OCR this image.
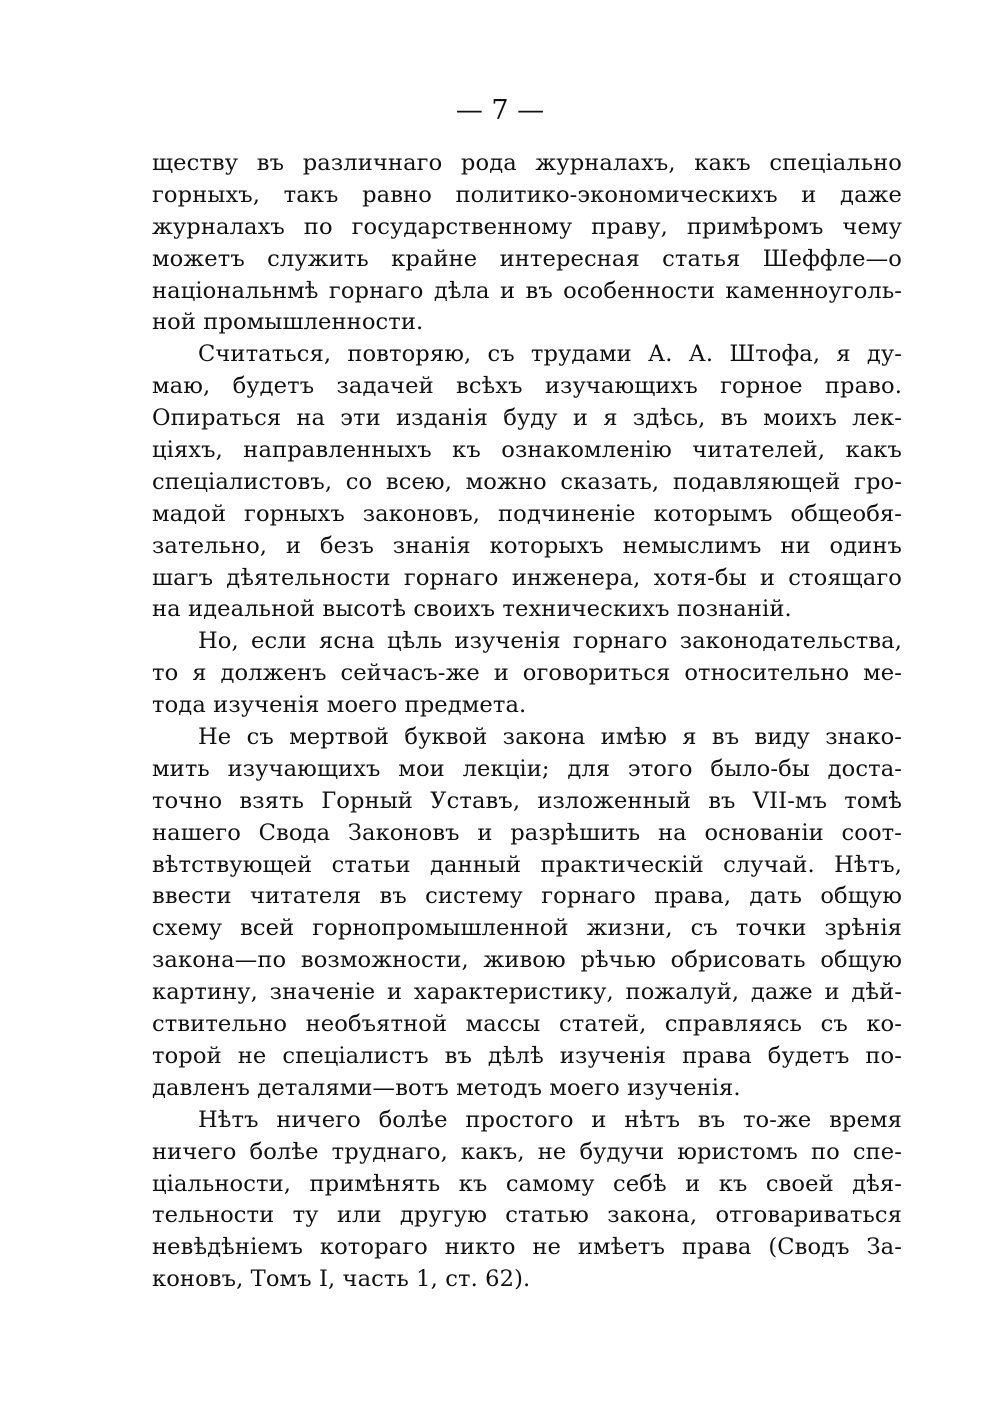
— 7 —
ществу въ различнаго рода журналахъ, какъ спеціально
горныхъ, такъ равно политико-экономическихъ и даже
журналахъ по государственному праву, примѣромъ чему
можетъ служить крайне интересная статья Шеффле—о
національнмѣ горнаго дѣла и въ особенности каменноуголь-
ной промышленности.
Считаться, повторяю, съ трудами А. А. Штофа, я ду-
маю, будетъ задачей всѣхъ изучающихъ горное право.
Опираться на эти изданія буду и я здѣсь, въ моихъ лек-
ціяхъ, направленныхъ къ ознакомленію читателей, какъ
спеціалистовъ, со всею, можно сказать, подавляющей гро-
мадой горныхъ законовъ, подчиненіе которымъ общеобя-
зательно, и безъ знанія которыхъ немыслимъ ни одинъ
шагъ дѣятельности горнаго инженера, хотя-бы и стоящаго
на идеальной высотѣ своихъ техническихъ познаній.
Но, если ясна цѣль изученія горнаго законодательства,
то я долженъ сейчасъ-же и оговориться относительно ме-
тода изученія моего предмета.
Не съ мертвой буквой закона имѣю я въ виду знако-
мить изучающихъ мои лекціи; для этого было-бы доста-
точно взять Горный Уставъ, изложенный въ VII-мъ томѣ
нашего Свода Законовъ и разрѣшить на основаніи соот-
вѣтствующей статьи данный практическій случай. Нѣтъ,
ввести читателя въ систему горнаго права, дать общую
схему всей горнопромышленной жизни, съ точки зрѣнія
закона—по возможности, живою рѣчью обрисовать общую
картину, значеніе и характеристику, пожалуй, даже и дѣй-
ствительно необъятной массы статей, справляясь съ ко-
торой не спеціалистъ въ дѣлѣ изученія права будетъ по-
давленъ деталями—вотъ методъ моего изученія.
Нѣтъ ничего болѣе простого и нѣтъ въ то-же время
ничего болѣе труднаго, какъ, не будучи юристомъ по спе-
ціальности, примѣнять къ самому себѣ и къ своей дѣя-
тельности ту или другую статью закона, отговариваться
невѣдѣніемъ котораго никто не имѣетъ права (Сводъ За-
коновъ, Томъ I, часть 1, ст. 62).
